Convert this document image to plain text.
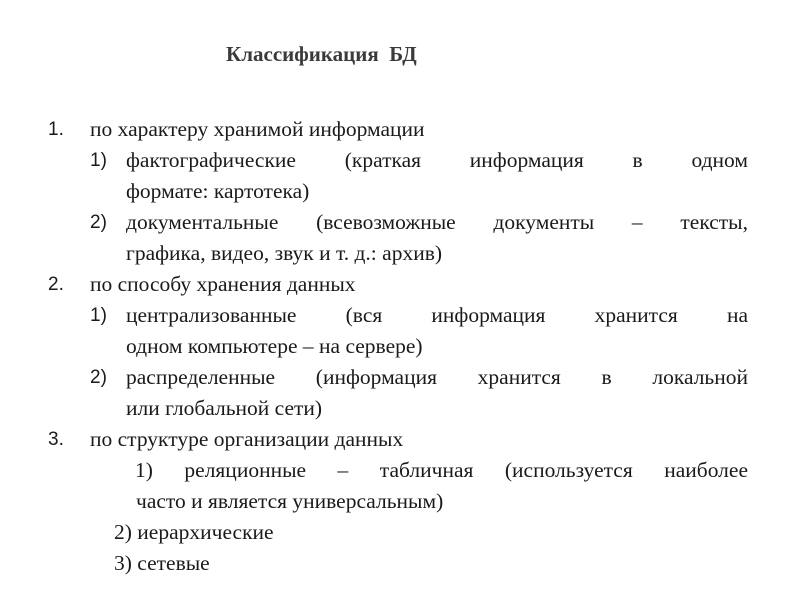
Классификация  БД
1. по характеру хранимой информации
1) фактографические (краткая информация в одном
формате: картотека)
2) документальные (всевозможные документы – тексты,
графика, видео, звук и т. д.: архив)
2. по способу хранения данных
1) централизованные (вся информация хранится на
одном компьютере – на сервере)
2) распределенные (информация хранится в локальной
или глобальной сети)
3. по структуре организации данных
1) реляционные – табличная (используется наиболее
часто и является универсальным)
2) иерархические
3) сетевые
